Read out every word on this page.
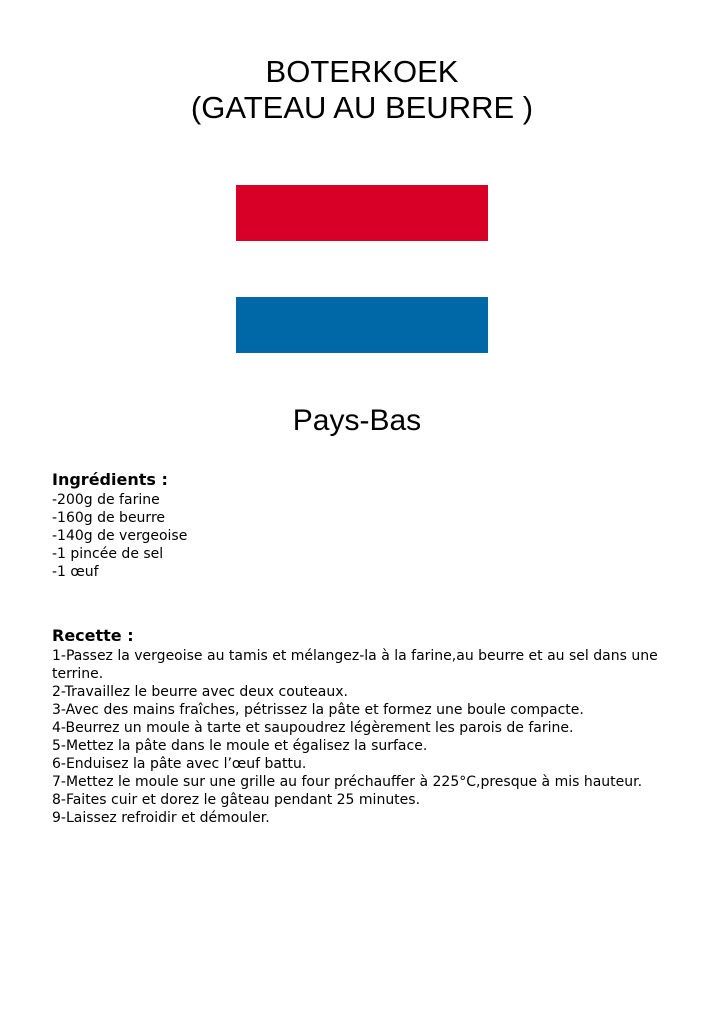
BOTERKOEK
(GATEAU AU BEURRE )
Pays-Bas
Ingrédients :
-200g de farine
-160g de beurre
-140g de vergeoise
-1 pincée de sel
-1 œuf
Recette :
1-Passez la vergeoise au tamis et mélangez-la à la farine,au beurre et au sel dans une terrine.
2-Travaillez le beurre avec deux couteaux.
3-Avec des mains fraîches, pétrissez la pâte et formez une boule compacte.
4-Beurrez un moule à tarte et saupoudrez légèrement les parois de farine.
5-Mettez la pâte dans le moule et égalisez la surface.
6-Enduisez la pâte avec l’œuf battu.
7-Mettez le moule sur une grille au four préchauffer à 225°C,presque à mis hauteur.
8-Faites cuir et dorez le gâteau pendant 25 minutes.
9-Laissez refroidir et démouler.
